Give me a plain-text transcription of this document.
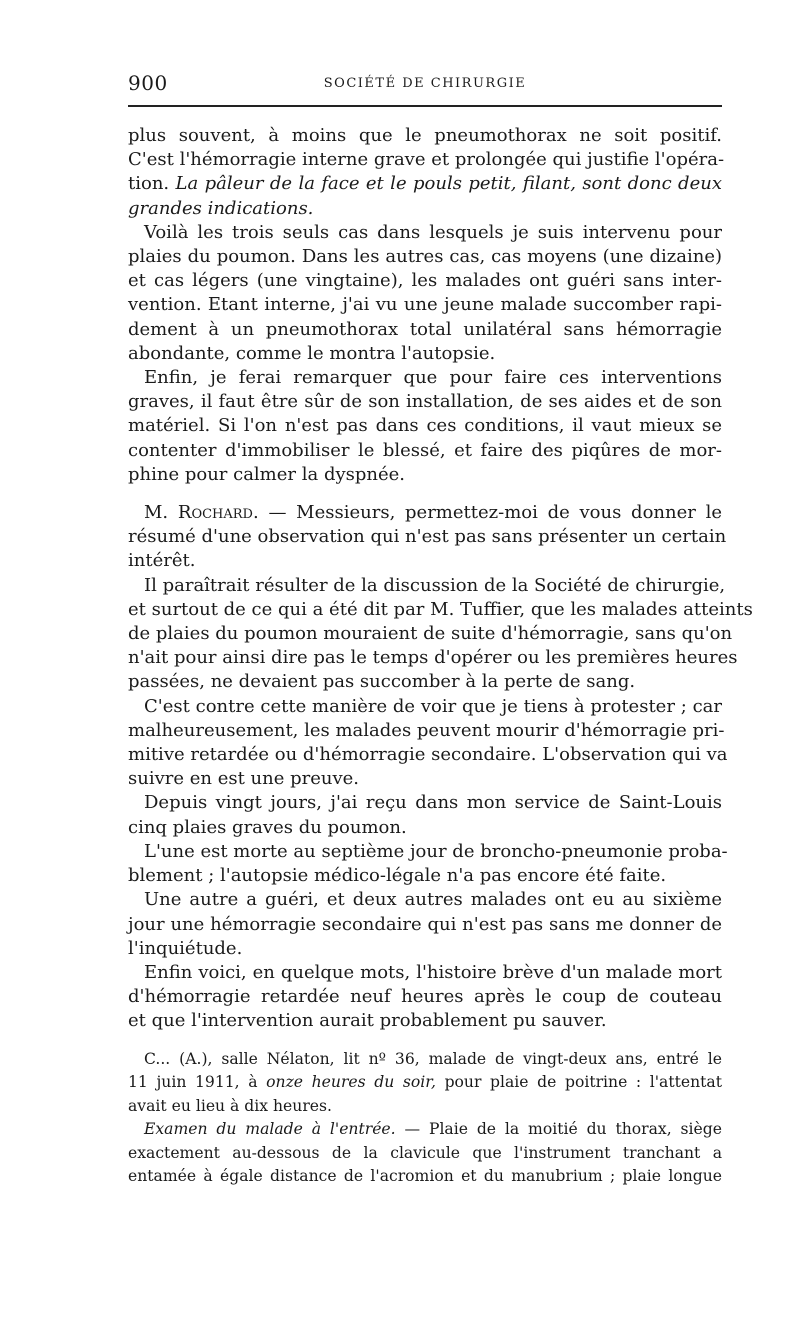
900	SOCIÉTÉ DE CHIRURGIE

plus souvent, à moins que le pneumothorax ne soit positif.
C'est l'hémorragie interne grave et prolongée qui justifie l'opéra-
tion. La pâleur de la face et le pouls petit, filant, sont donc deux
grandes indications.

Voilà les trois seuls cas dans lesquels je suis intervenu pour
plaies du poumon. Dans les autres cas, cas moyens (une dizaine)
et cas légers (une vingtaine), les malades ont guéri sans inter-
vention. Etant interne, j'ai vu une jeune malade succomber rapi-
dement à un pneumothorax total unilatéral sans hémorragie
abondante, comme le montra l'autopsie.

Enfin, je ferai remarquer que pour faire ces interventions
graves, il faut être sûr de son installation, de ses aides et de son
matériel. Si l'on n'est pas dans ces conditions, il vaut mieux se
contenter d'immobiliser le blessé, et faire des piqûres de mor-
phine pour calmer la dyspnée.

M. Rochard. — Messieurs, permettez-moi de vous donner le
résumé d'une observation qui n'est pas sans présenter un certain
intérêt.

Il paraîtrait résulter de la discussion de la Société de chirurgie,
et surtout de ce qui a été dit par M. Tuffier, que les malades atteints
de plaies du poumon mouraient de suite d'hémorragie, sans qu'on
n'ait pour ainsi dire pas le temps d'opérer ou les premières heures
passées, ne devaient pas succomber à la perte de sang.

C'est contre cette manière de voir que je tiens à protester ; car
malheureusement, les malades peuvent mourir d'hémorragie pri-
mitive retardée ou d'hémorragie secondaire. L'observation qui va
suivre en est une preuve.

Depuis vingt jours, j'ai reçu dans mon service de Saint-Louis
cinq plaies graves du poumon.

L'une est morte au septième jour de broncho-pneumonie proba-
blement ; l'autopsie médico-légale n'a pas encore été faite.

Une autre a guéri, et deux autres malades ont eu au sixième
jour une hémorragie secondaire qui n'est pas sans me donner de
l'inquiétude.

Enfin voici, en quelque mots, l'histoire brève d'un malade mort
d'hémorragie retardée neuf heures après le coup de couteau
et que l'intervention aurait probablement pu sauver.

C... (A.), salle Nélaton, lit nº 36, malade de vingt-deux ans, entré le
11 juin 1911, à onze heures du soir, pour plaie de poitrine : l'attentat
avait eu lieu à dix heures.

Examen du malade à l'entrée. — Plaie de la moitié du thorax, siège
exactement au-dessous de la clavicule que l'instrument tranchant a
entamée à égale distance de l'acromion et du manubrium ; plaie longue
